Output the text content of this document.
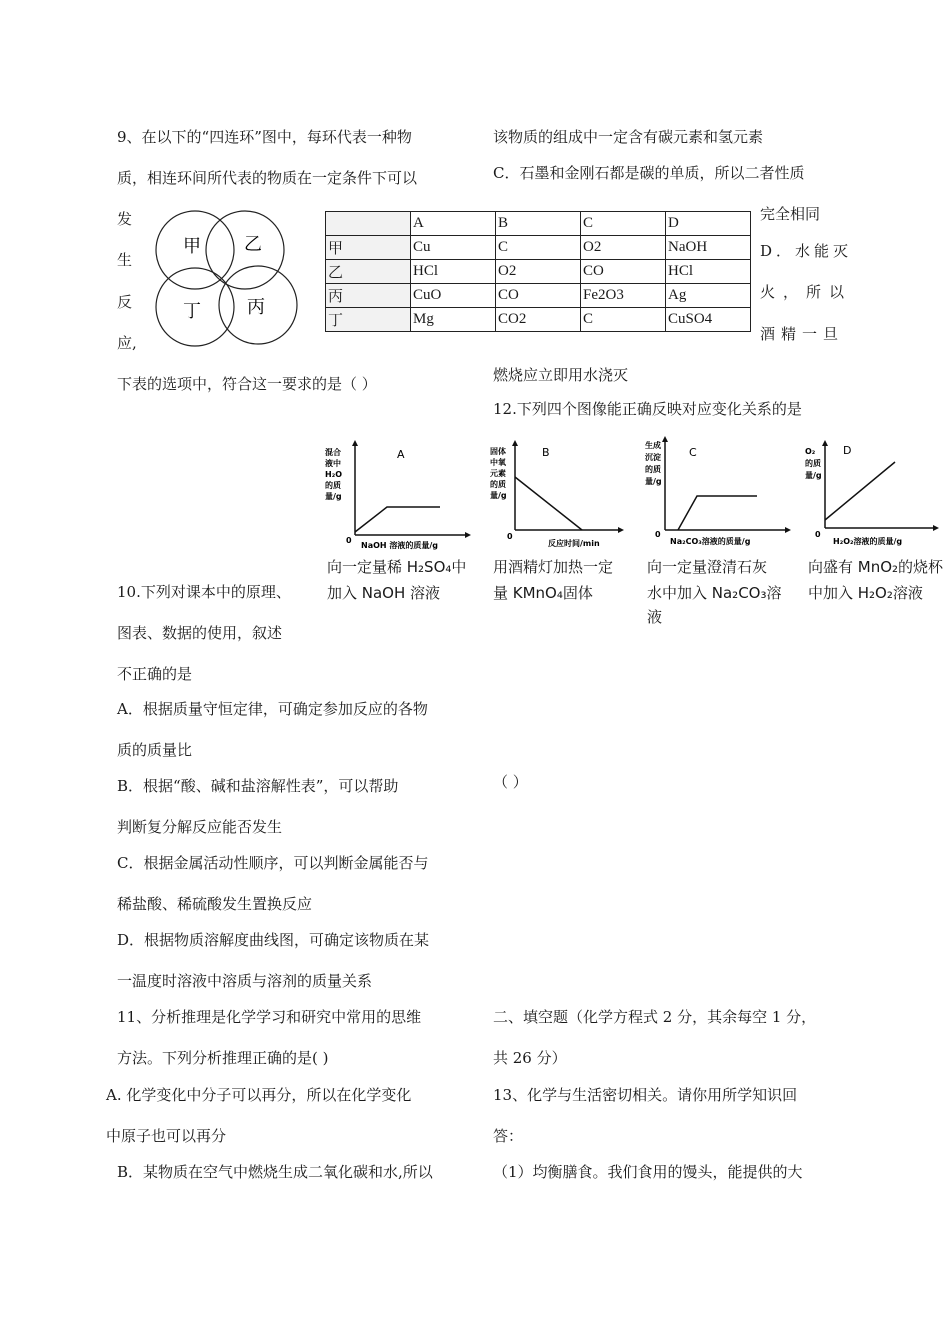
9、在以下的“四连环”图中，每环代表一种物
质，相连环间所代表的物质在一定条件下可以
发
生
反
应,
下表的选项中，符合这一要求的是（ ）
甲 乙
丁	丙
	A	B	C	D
甲	Cu	C	O2	NaOH
乙	HCl	O2	CO	HCl
丙	CuO	CO	Fe2O3	Ag
丁	Mg	CO2	C	CuSO4
该物质的组成中一定含有碳元素和氢元素
C．石墨和金刚石都是碳的单质，所以二者性质
完全相同
D．水能灭
火，所以
酒精一旦
燃烧应立即用水浇灭
12.下列四个图像能正确反映对应变化关系的是
A
混合
液中
H₂O
的质
量/g
0
NaOH 溶液的质量/g
向一定量稀 H₂SO₄中
加入 NaOH 溶液
B
固体
中氧
元素
的质
量/g
0
反应时间/min
用酒精灯加热一定
量 KMnO₄固体
C
生成
沉淀
的质
量/g
0
Na₂CO₃溶液的质量/g
向一定量澄清石灰
水中加入 Na₂CO₃溶
液
D
O₂
的质
量/g
0
H₂O₂溶液的质量/g
向盛有 MnO₂的烧杯
中加入 H₂O₂溶液
（ ）
10.下列对课本中的原理、
图表、数据的使用，叙述
不正确的是
A．根据质量守恒定律，可确定参加反应的各物
质的质量比
B．根据“酸、碱和盐溶解性表”，可以帮助
判断复分解反应能否发生
C．根据金属活动性顺序，可以判断金属能否与
稀盐酸、稀硫酸发生置换反应
D．根据物质溶解度曲线图，可确定该物质在某
一温度时溶液中溶质与溶剂的质量关系
11、分析推理是化学学习和研究中常用的思维
方法。下列分析推理正确的是( )
A. 化学变化中分子可以再分，所以在化学变化
中原子也可以再分
B．某物质在空气中燃烧生成二氧化碳和水,所以
二、填空题（化学方程式 2 分，其余每空 1 分，
共 26 分）
13、化学与生活密切相关。请你用所学知识回
答：
（1）均衡膳食。我们食用的馒头，能提供的大
